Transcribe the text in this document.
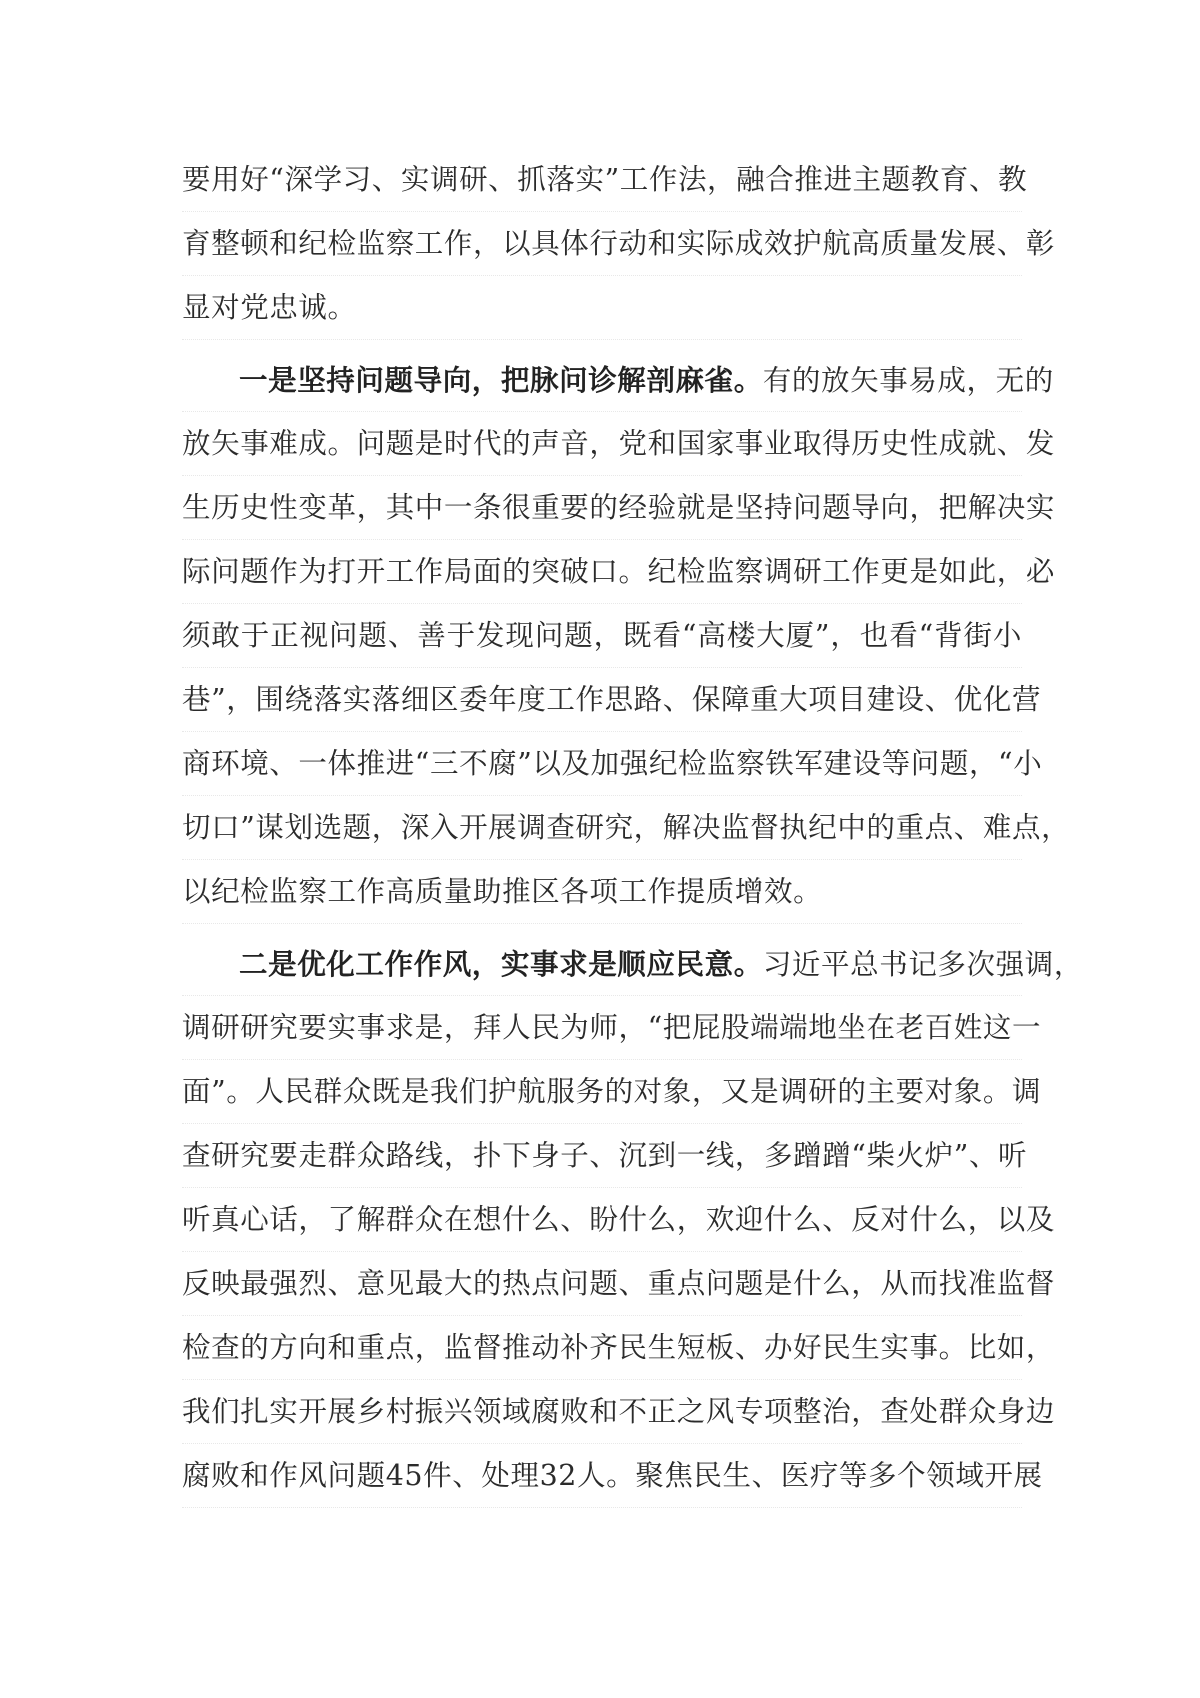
要用好“深学习、实调研、抓落实”工作法，融合推进主题教育、教
育整顿和纪检监察工作，以具体行动和实际成效护航高质量发展、彰
显对党忠诚。
一是坚持问题导向，把脉问诊解剖麻雀。有的放矢事易成，无的
放矢事难成。问题是时代的声音，党和国家事业取得历史性成就、发
生历史性变革，其中一条很重要的经验就是坚持问题导向，把解决实
际问题作为打开工作局面的突破口。纪检监察调研工作更是如此，必
须敢于正视问题、善于发现问题，既看“高楼大厦”，也看“背街小
巷”，围绕落实落细区委年度工作思路、保障重大项目建设、优化营
商环境、一体推进“三不腐”以及加强纪检监察铁军建设等问题，“小
切口”谋划选题，深入开展调查研究，解决监督执纪中的重点、难点，
以纪检监察工作高质量助推区各项工作提质增效。
二是优化工作作风，实事求是顺应民意。习近平总书记多次强调，
调研研究要实事求是，拜人民为师，“把屁股端端地坐在老百姓这一
面”。人民群众既是我们护航服务的对象，又是调研的主要对象。调
查研究要走群众路线，扑下身子、沉到一线，多蹭蹭“柴火炉”、听
听真心话，了解群众在想什么、盼什么，欢迎什么、反对什么，以及
反映最强烈、意见最大的热点问题、重点问题是什么，从而找准监督
检查的方向和重点，监督推动补齐民生短板、办好民生实事。比如，
我们扎实开展乡村振兴领域腐败和不正之风专项整治，查处群众身边
腐败和作风问题45件、处理32人。聚焦民生、医疗等多个领域开展
